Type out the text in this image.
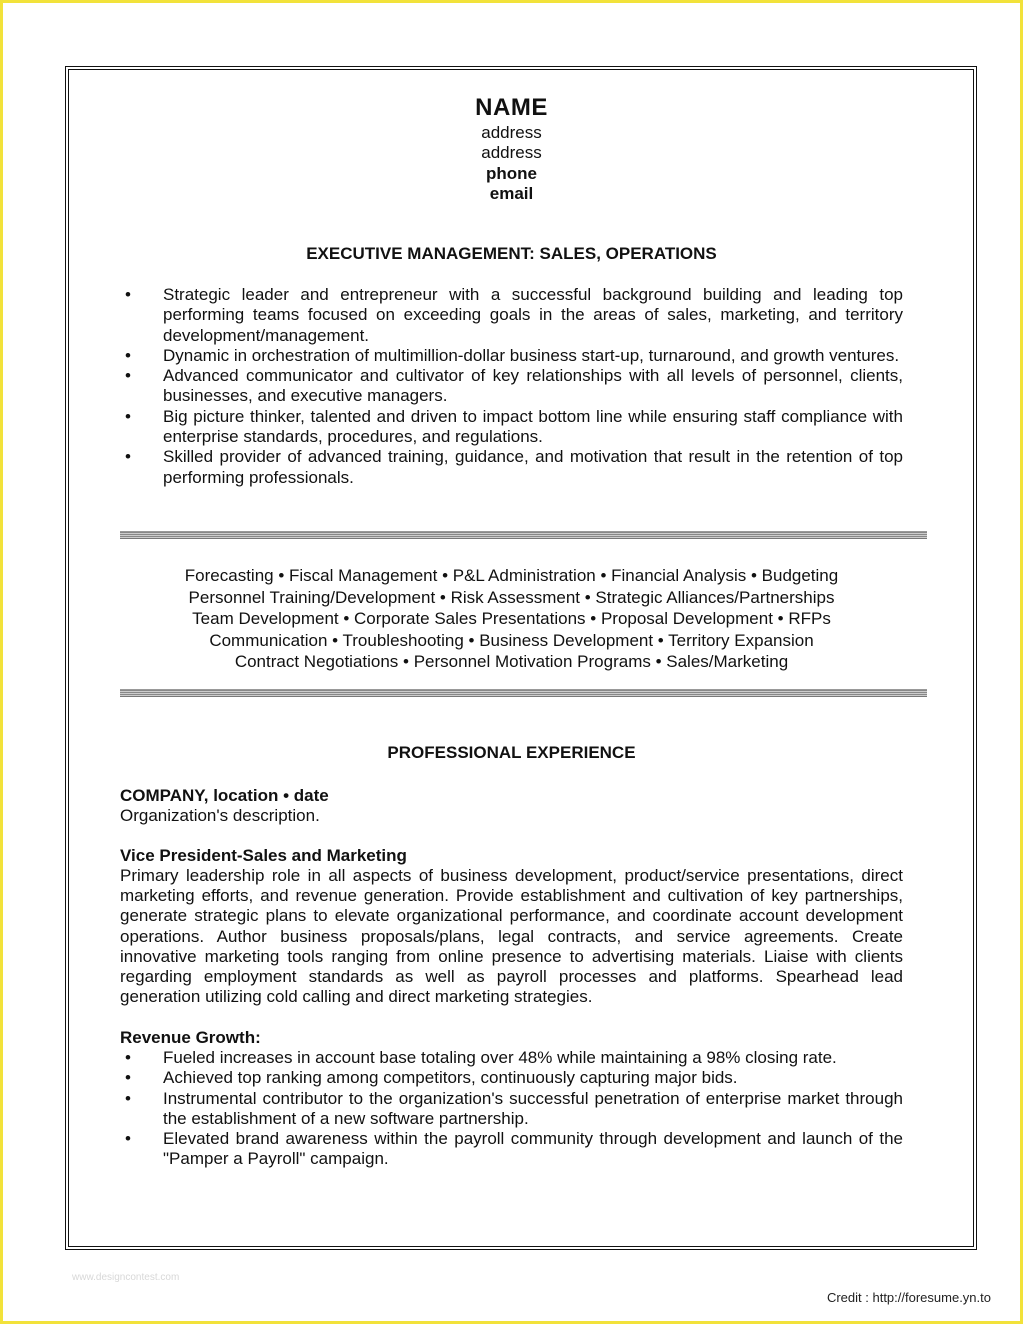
NAME
address
address
phone
email
EXECUTIVE MANAGEMENT: SALES, OPERATIONS
• Strategic leader and entrepreneur with a successful background building and leading top performing teams focused on exceeding goals in the areas of sales, marketing, and territory development/management.
• Dynamic in orchestration of multimillion-dollar business start-up, turnaround, and growth ventures.
• Advanced communicator and cultivator of key relationships with all levels of personnel, clients, businesses, and executive managers.
• Big picture thinker, talented and driven to impact bottom line while ensuring staff compliance with enterprise standards, procedures, and regulations.
• Skilled provider of advanced training, guidance, and motivation that result in the retention of top performing professionals.
Forecasting • Fiscal Management • P&L Administration • Financial Analysis • Budgeting
Personnel Training/Development • Risk Assessment • Strategic Alliances/Partnerships
Team Development • Corporate Sales Presentations • Proposal Development • RFPs
Communication • Troubleshooting • Business Development • Territory Expansion
Contract Negotiations • Personnel Motivation Programs • Sales/Marketing
PROFESSIONAL EXPERIENCE
COMPANY, location • date
Organization's description.
Vice President-Sales and Marketing
Primary leadership role in all aspects of business development, product/service presentations, direct marketing efforts, and revenue generation. Provide establishment and cultivation of key partnerships, generate strategic plans to elevate organizational performance, and coordinate account development operations. Author business proposals/plans, legal contracts, and service agreements. Create innovative marketing tools ranging from online presence to advertising materials. Liaise with clients regarding employment standards as well as payroll processes and platforms. Spearhead lead generation utilizing cold calling and direct marketing strategies.
Revenue Growth:
• Fueled increases in account base totaling over 48% while maintaining a 98% closing rate.
• Achieved top ranking among competitors, continuously capturing major bids.
• Instrumental contributor to the organization's successful penetration of enterprise market through the establishment of a new software partnership.
• Elevated brand awareness within the payroll community through development and launch of the "Pamper a Payroll" campaign.
www.designcontest.com
Credit : http://foresume.yn.to
